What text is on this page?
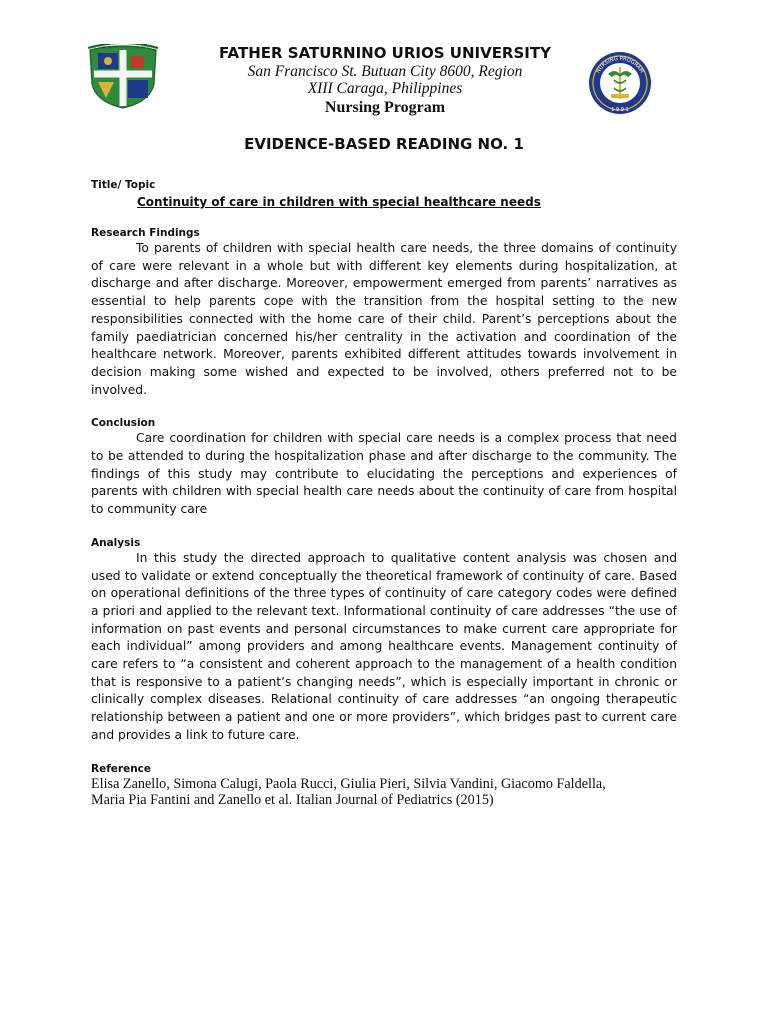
FR. SATURNINO URIOS UNIVERSITY	FATHER SATURNINO URIOS UNIVERSITY
San Francisco St. Butuan City 8600, Region
XIII Caraga, Philippines
Nursing Program
NURSING PROGRAM
1 9 9 1
EVIDENCE-BASED READING NO. 1
Title/ Topic
Continuity of care in children with special healthcare needs
Research Findings

To parents of children with special health care needs, the three domains of continuity of care were relevant in a whole but with different key elements during hospitalization, at discharge and after discharge. Moreover, empowerment emerged from parents’ narratives as essential to help parents cope with the transition from the hospital setting to the new responsibilities connected with the home care of their child. Parent’s perceptions about the family paediatrician concerned his/her centrality in the activation and coordination of the healthcare network. Moreover, parents exhibited different attitudes towards involvement in decision making some wished and expected to be involved, others preferred not to be involved.

Conclusion

Care coordination for children with special care needs is a complex process that need to be attended to during the hospitalization phase and after discharge to the community. The findings of this study may contribute to elucidating the perceptions and experiences of parents with children with special health care needs about the continuity of care from hospital to community care

Analysis

In this study the directed approach to qualitative content analysis was chosen and used to validate or extend conceptually the theoretical framework of continuity of care. Based on operational definitions of the three types of continuity of care category codes were defined a priori and applied to the relevant text. Informational continuity of care addresses “the use of information on past events and personal circumstances to make current care appropriate for each individual” among providers and among healthcare events. Management continuity of care refers to “a consistent and coherent approach to the management of a health condition that is responsive to a patient’s changing needs”, which is especially important in chronic or clinically complex diseases. Relational continuity of care addresses “an ongoing therapeutic relationship between a patient and one or more providers”, which bridges past to current care and provides a link to future care.

Reference
Elisa Zanello, Simona Calugi, Paola Rucci, Giulia Pieri, Silvia Vandini, Giacomo Faldella,
Maria Pia Fantini and Zanello et al. Italian Journal of Pediatrics (2015)
